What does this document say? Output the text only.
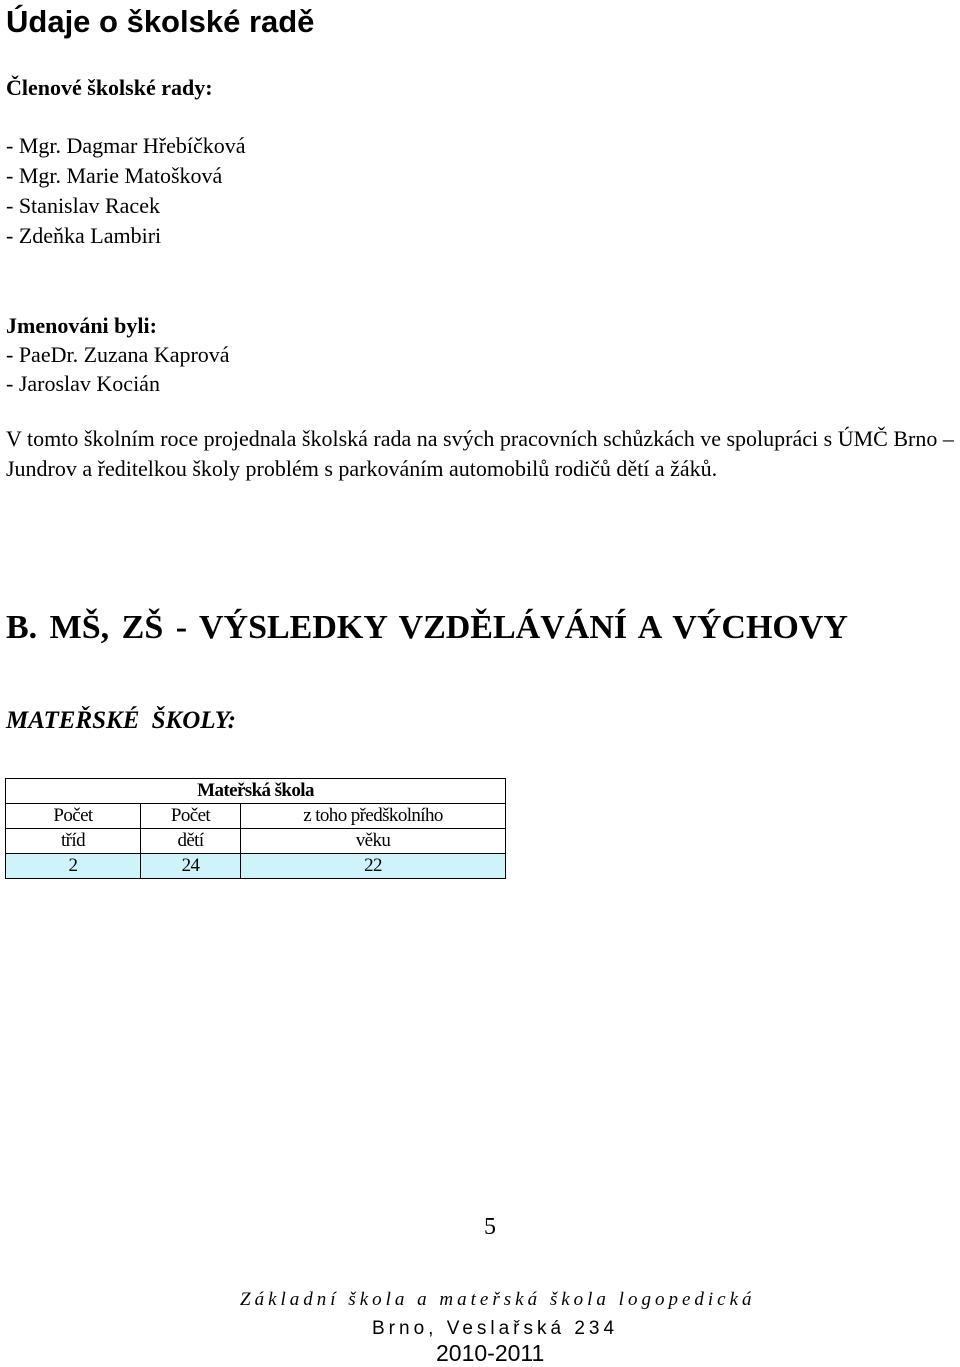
Údaje o školské radě
Členové školské rady:
- Mgr. Dagmar Hřebíčková
- Mgr. Marie Matošková
- Stanislav Racek
- Zdeňka Lambiri
Jmenováni byli:
- PaeDr. Zuzana Kaprová
- Jaroslav Kocián

V tomto školním roce projednala školská rada na svých pracovních schůzkách ve spolupráci s ÚMČ Brno – Jundrov a ředitelkou školy problém s parkováním automobilů rodičů dětí a žáků.

B. MŠ, ZŠ - VÝSLEDKY VZDĚLÁVÁNÍ A VÝCHOVY
MATEŘSKÉ ŠKOLY:
Mateřská škola		
Počet	Počet	z toho předškolního
tříd	dětí	věku
2	24	22
5
Základní škola a mateřská škola logopedická
Brno, Veslařská 234
2010-2011
